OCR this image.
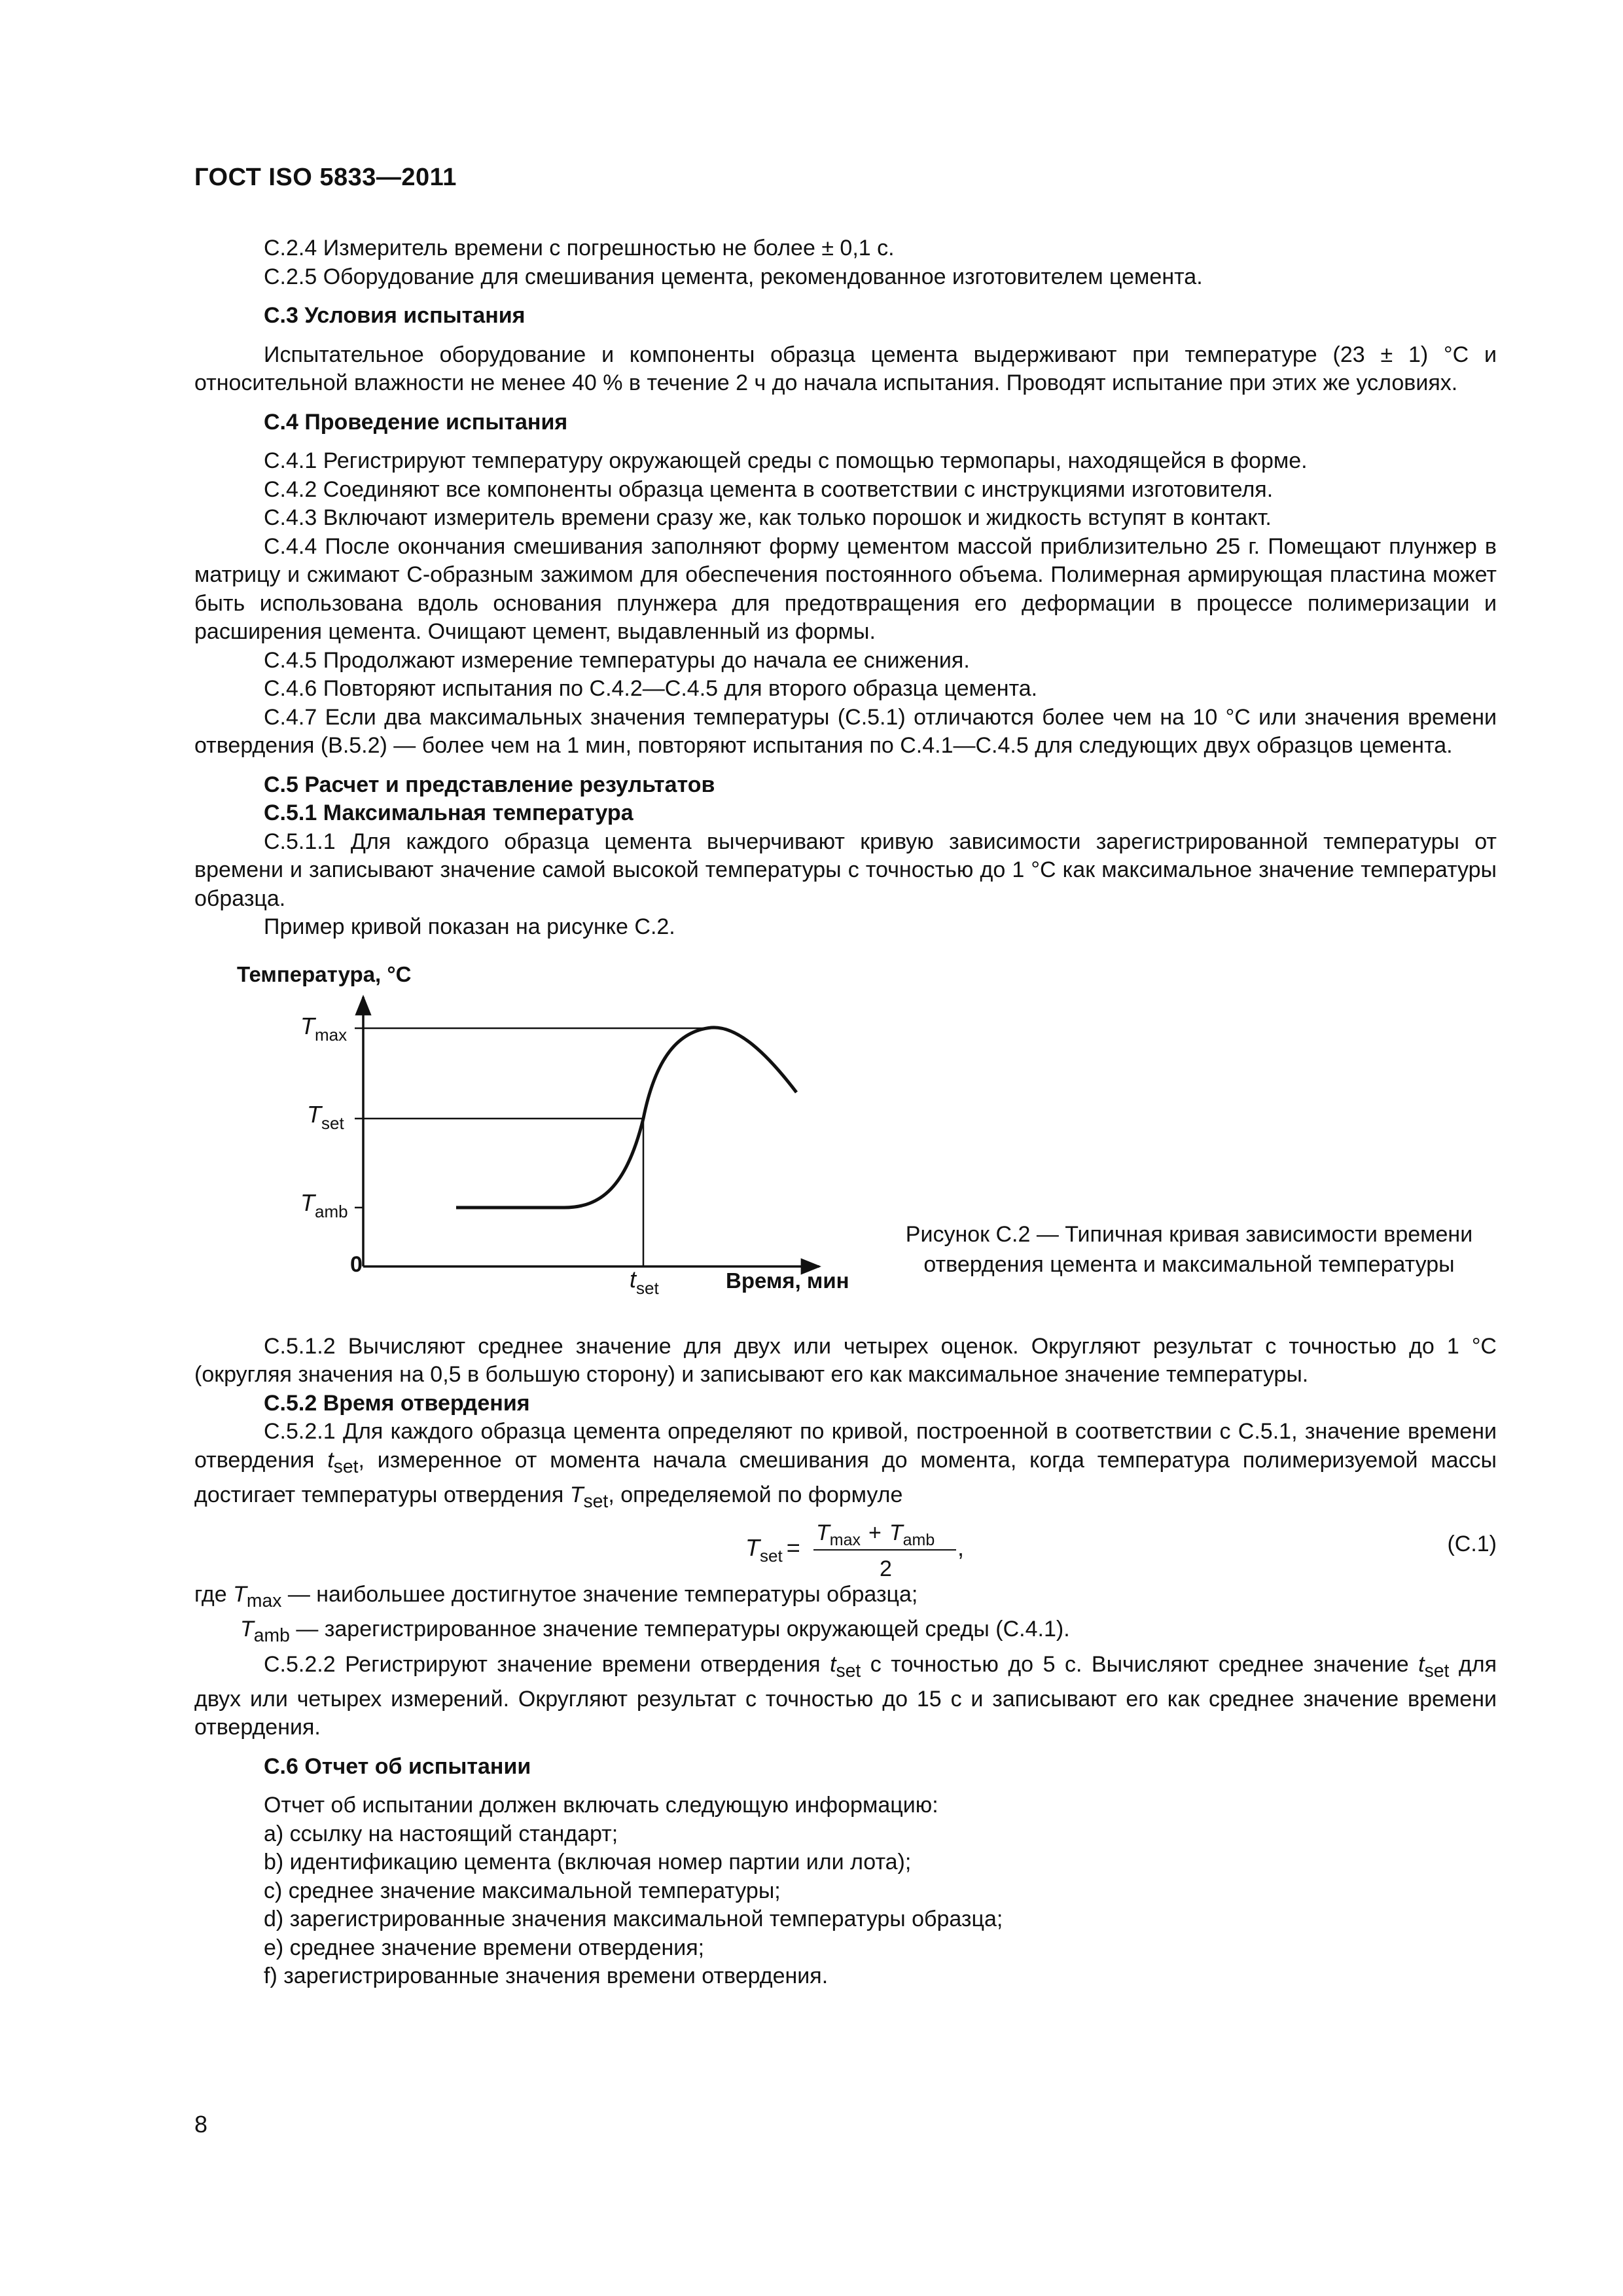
ГОСТ ISO 5833—2011

С.2.4 Измеритель времени с погрешностью не более ± 0,1 с.

С.2.5 Оборудование для смешивания цемента, рекомендованное изготовителем цемента.

С.3 Условия испытания

Испытательное оборудование и компоненты образца цемента выдерживают при температуре (23 ± 1) °С и относительной влажности не менее 40 % в течение 2 ч до начала испытания. Проводят испытание при этих же условиях.

С.4 Проведение испытания

С.4.1 Регистрируют температуру окружающей среды с помощью термопары, находящейся в форме.

С.4.2 Соединяют все компоненты образца цемента в соответствии с инструкциями изготовителя.

С.4.3 Включают измеритель времени сразу же, как только порошок и жидкость вступят в контакт.

С.4.4 После окончания смешивания заполняют форму цементом массой приблизительно 25 г. Помещают плунжер в матрицу и сжимают С-образным зажимом для обеспечения постоянного объема. Полимерная армирующая пластина может быть использована вдоль основания плунжера для предотвращения его деформации в процессе полимеризации и расширения цемента. Очищают цемент, выдавленный из формы.

С.4.5 Продолжают измерение температуры до начала ее снижения.

С.4.6 Повторяют испытания по С.4.2—С.4.5 для второго образца цемента.

С.4.7 Если два максимальных значения температуры (С.5.1) отличаются более чем на 10 °С или значения времени отвердения (В.5.2) — более чем на 1 мин, повторяют испытания по С.4.1—С.4.5 для следующих двух образцов цемента.

С.5 Расчет и представление результатов

С.5.1 Максимальная температура

С.5.1.1 Для каждого образца цемента вычерчивают кривую зависимости зарегистрированной температуры от времени и записывают значение самой высокой температуры с точностью до 1 °С как максимальное значение температуры образца.

Пример кривой показан на рисунке С.2.

Температура, °С
$T_{max}$
$T_{set}$
$T_{amb}$
0
$t_{set}$	Время, мин
Рисунок С.2 — Типичная кривая зависимости времени
отвердения цемента и максимальной температуры

С.5.1.2 Вычисляют среднее значение для двух или четырех оценок. Округляют результат с точностью до 1 °С (округляя значения на 0,5 в большую сторону) и записывают его как максимальное значение температуры.

С.5.2 Время отвердения

С.5.2.1 Для каждого образца цемента определяют по кривой, построенной в соответствии с С.5.1, значение времени отвердения $t_{set}$, измеренное от момента начала смешивания до момента, когда температура полимеризуемой массы достигает температуры отвердения $T_{set}$, определяемой по формуле

$T_{set}$ =
$T_{max} + T_{amb}$
2
,	(С.1)

где $T_{max}$ — наибольшее достигнутое значение температуры образца;

$T_{amb}$ — зарегистрированное значение температуры окружающей среды (С.4.1).

С.5.2.2 Регистрируют значение времени отвердения $t_{set}$ с точностью до 5 с. Вычисляют среднее значение $t_{set}$ для двух или четырех измерений. Округляют результат с точностью до 15 с и записывают его как среднее значение времени отвердения.

С.6 Отчет об испытании

Отчет об испытании должен включать следующую информацию:

a) ссылку на настоящий стандарт;

b) идентификацию цемента (включая номер партии или лота);

c) среднее значение максимальной температуры;

d) зарегистрированные значения максимальной температуры образца;

e) среднее значение времени отвердения;

f) зарегистрированные значения времени отвердения.

8
